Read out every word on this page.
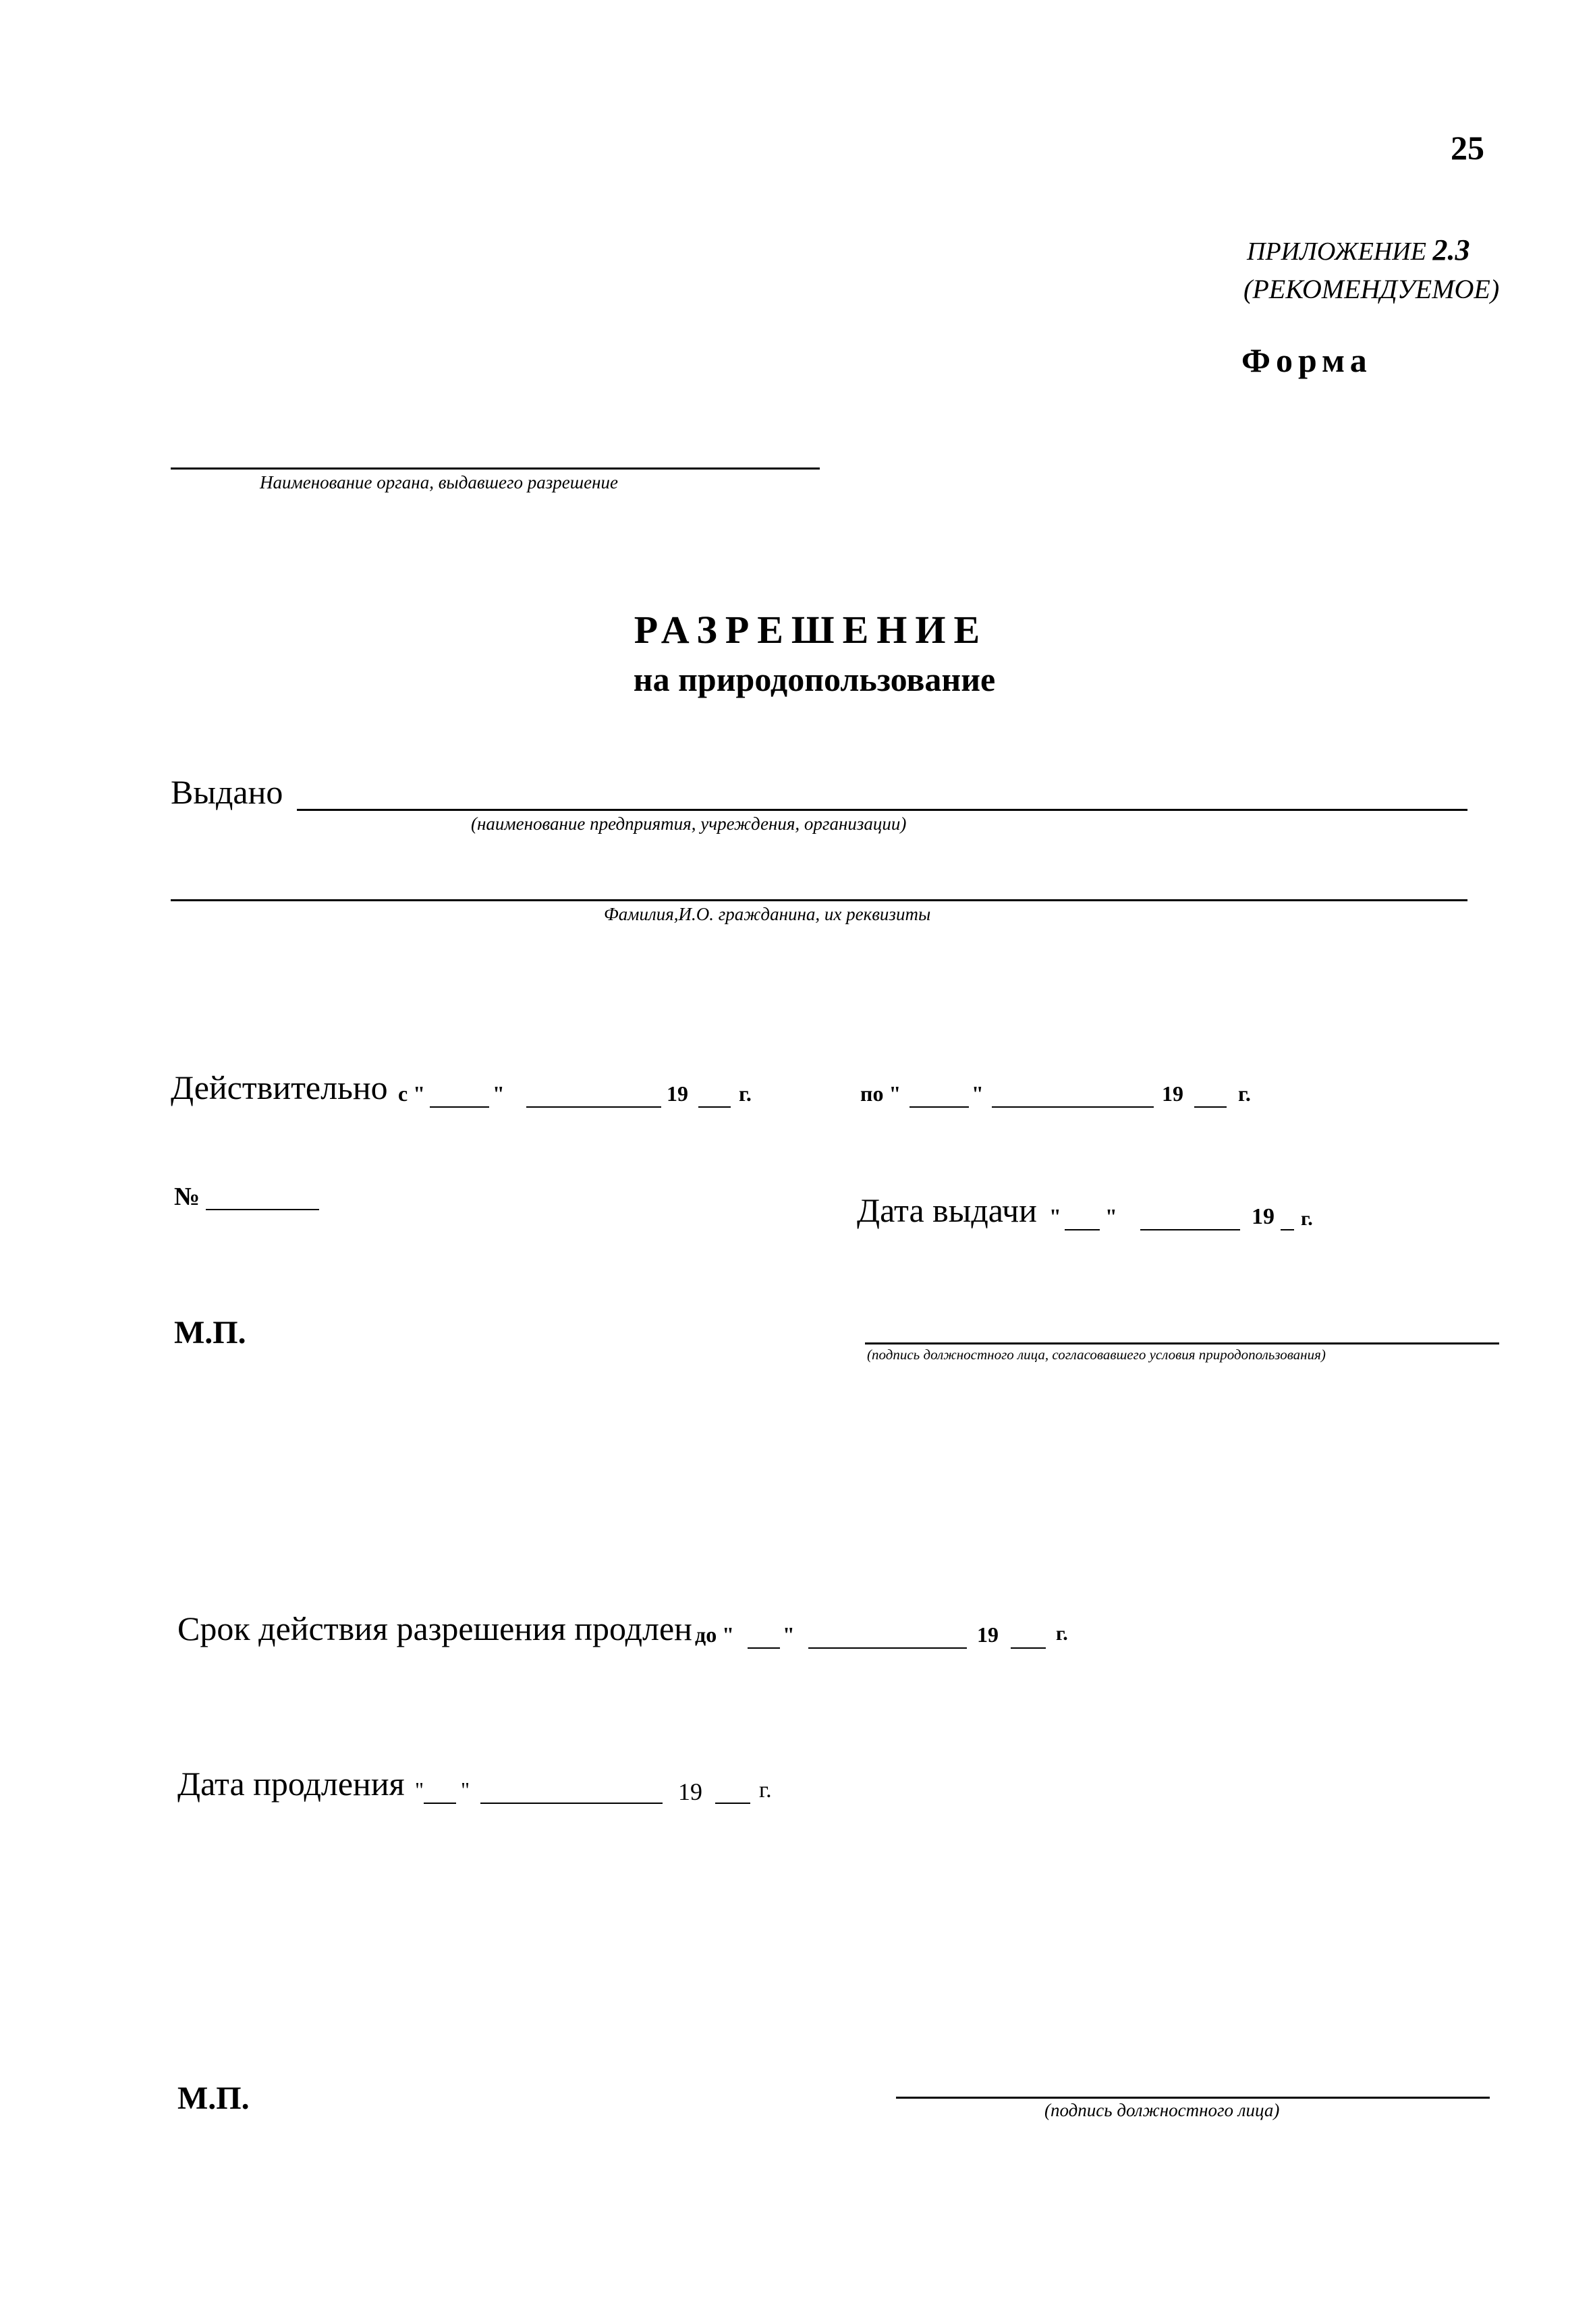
25
ПРИЛОЖЕНИЕ 2.3
(РЕКОМЕНДУЕМОЕ)
Форма
Наименование органа, выдавшего разрешение
РАЗРЕШЕНИЕ
на природопользование
Выдано
(наименование предприятия, учреждения, организации)
Фамилия,И.О. гражданина, их реквизиты
Действительно с "	"	19 г.	по "	"	19	г.
№	Дата выдачи " "	19 г.
М.П.
(подпись должностного лица, согласовавшего условия природопользования)
Срок действия разрешения продлен до " "	19	г.
Дата продления " "	19 г.
М.П.	(подпись должностного лица)
